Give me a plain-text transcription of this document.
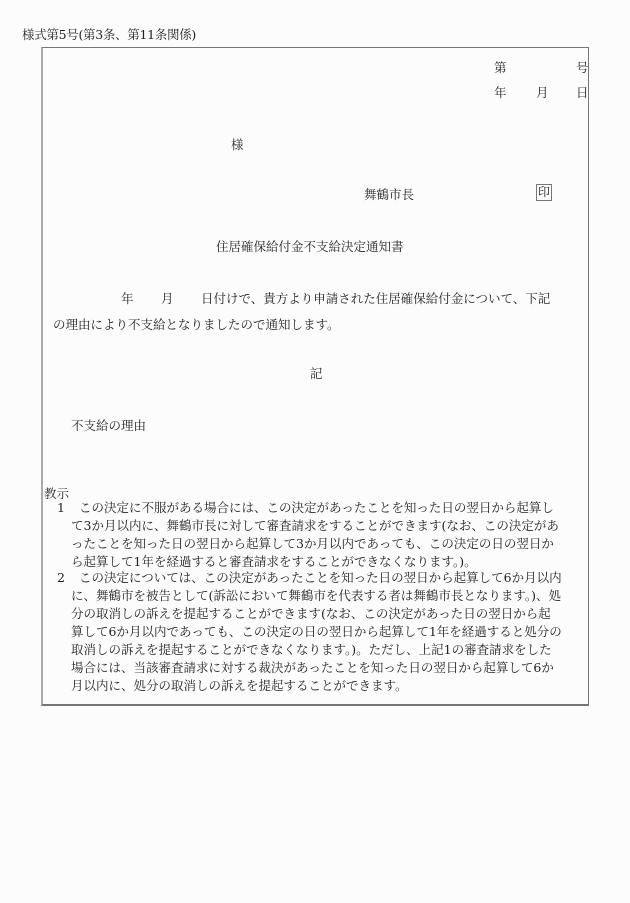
様式第5号(第3条、第11条関係)
第	号
年 月 日
様
舞鶴市長	印
住居確保給付金不支給決定通知書
年 月 日付けで、貴方より申請された住居確保給付金について、下記
の理由により不支給となりましたので通知します。
記
不支給の理由
教示
1	この決定に不服がある場合には、この決定があったことを知った日の翌日から起算し
て3か月以内に、舞鶴市長に対して審査請求をすることができます(なお、この決定があ
ったことを知った日の翌日から起算して3か月以内であっても、この決定の日の翌日か
ら起算して1年を経過すると審査請求をすることができなくなります。)。
2	この決定については、この決定があったことを知った日の翌日から起算して6か月以内
に、舞鶴市を被告として(訴訟において舞鶴市を代表する者は舞鶴市長となります。)、処
分の取消しの訴えを提起することができます(なお、この決定があった日の翌日から起
算して6か月以内であっても、この決定の日の翌日から起算して1年を経過すると処分の
取消しの訴えを提起することができなくなります。)。ただし、上記1の審査請求をした
場合には、当該審査請求に対する裁決があったことを知った日の翌日から起算して6か
月以内に、処分の取消しの訴えを提起することができます。
